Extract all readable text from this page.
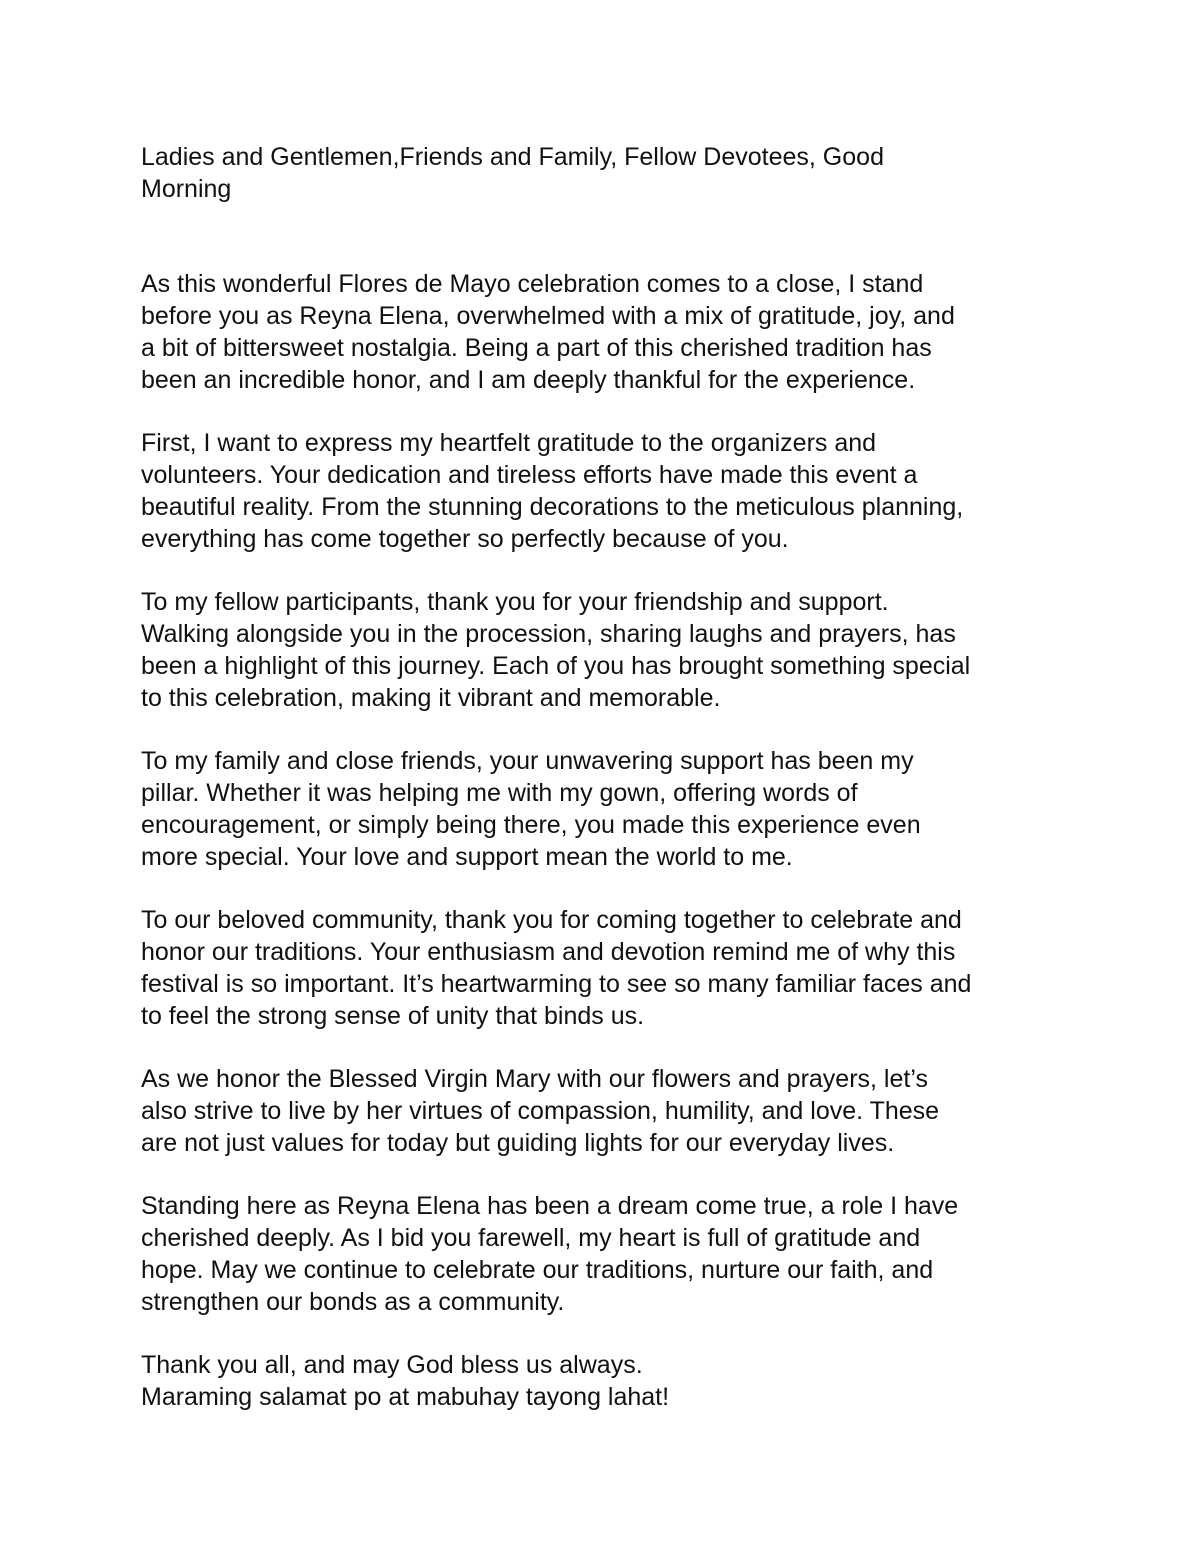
Ladies and Gentlemen,Friends and Family, Fellow Devotees, Good
Morning

As this wonderful Flores de Mayo celebration comes to a close, I stand
before you as Reyna Elena, overwhelmed with a mix of gratitude, joy, and
a bit of bittersweet nostalgia. Being a part of this cherished tradition has
been an incredible honor, and I am deeply thankful for the experience.

First, I want to express my heartfelt gratitude to the organizers and
volunteers. Your dedication and tireless efforts have made this event a
beautiful reality. From the stunning decorations to the meticulous planning,
everything has come together so perfectly because of you.

To my fellow participants, thank you for your friendship and support.
Walking alongside you in the procession, sharing laughs and prayers, has
been a highlight of this journey. Each of you has brought something special
to this celebration, making it vibrant and memorable.

To my family and close friends, your unwavering support has been my
pillar. Whether it was helping me with my gown, offering words of
encouragement, or simply being there, you made this experience even
more special. Your love and support mean the world to me.

To our beloved community, thank you for coming together to celebrate and
honor our traditions. Your enthusiasm and devotion remind me of why this
festival is so important. It’s heartwarming to see so many familiar faces and
to feel the strong sense of unity that binds us.

As we honor the Blessed Virgin Mary with our flowers and prayers, let’s
also strive to live by her virtues of compassion, humility, and love. These
are not just values for today but guiding lights for our everyday lives.

Standing here as Reyna Elena has been a dream come true, a role I have
cherished deeply. As I bid you farewell, my heart is full of gratitude and
hope. May we continue to celebrate our traditions, nurture our faith, and
strengthen our bonds as a community.

Thank you all, and may God bless us always.
Maraming salamat po at mabuhay tayong lahat!
